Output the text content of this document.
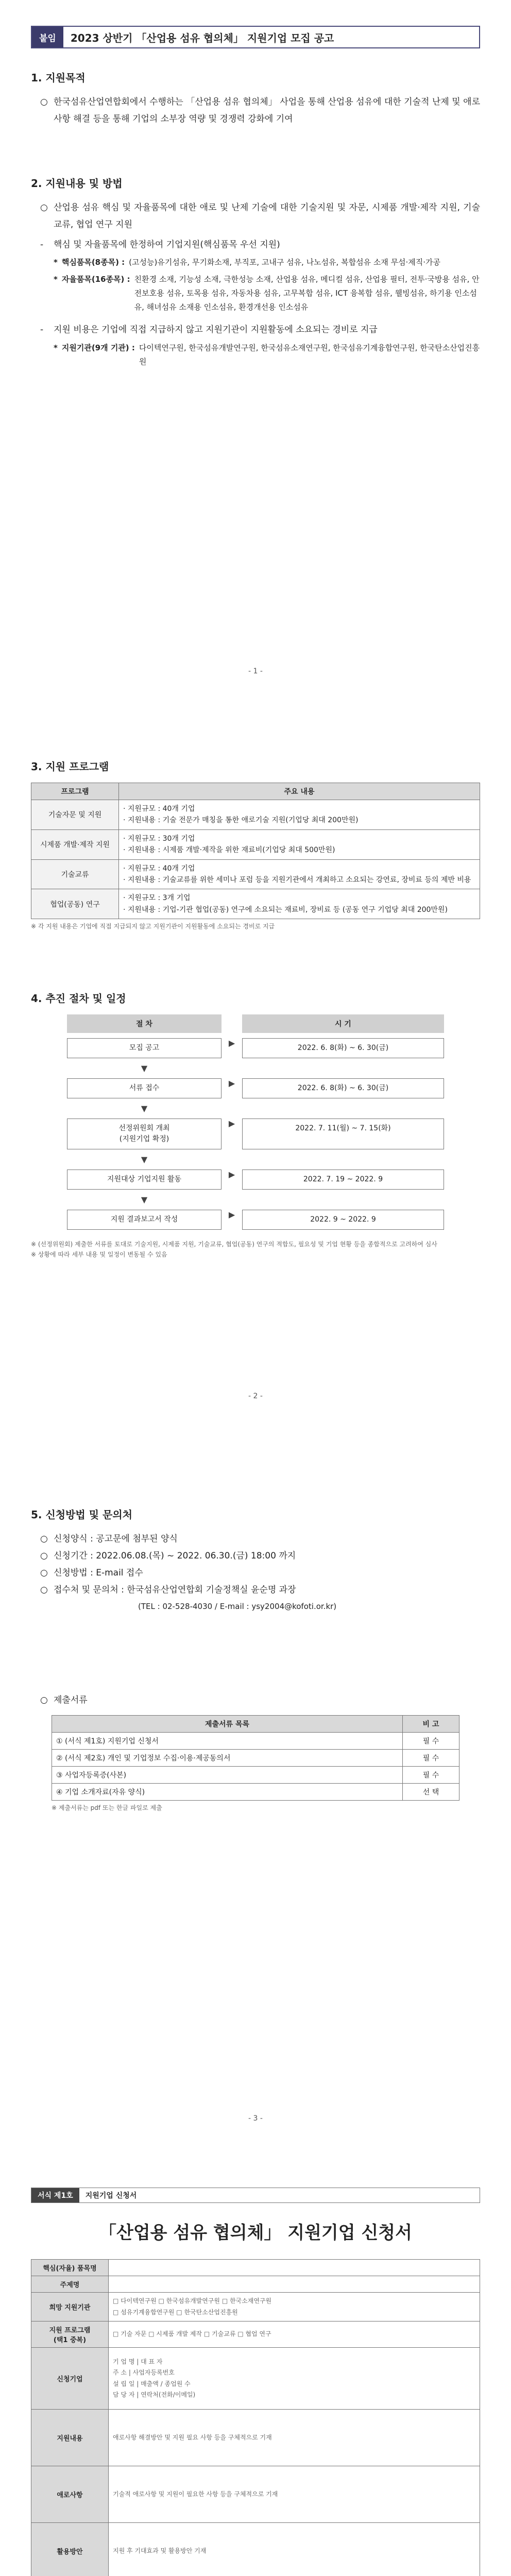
붙임	2023 상반기 「산업용 섬유 협의체」 지원기업 모집 공고
1. 지원목적
○ 한국섬유산업연합회에서 수행하는 「산업용 섬유 협의체」 사업을 통해 산업용 섬유에 대한 기술적 난제 및 애로사항 해결 등을 통해 기업의 소부장 역량 및 경쟁력 강화에 기여
2. 지원내용 및 방법
○ 산업용 섬유 핵심 및 자율품목에 대한 애로 및 난제 기술에 대한 기술지원 및 자문, 시제품 개발·제작 지원, 기술교류, 협업 연구 지원
-	핵심 및 자율품목에 한정하여 기업지원(핵심품목 우선 지원)
* 핵심품목(8종목) : (고성능)유기섬유, 무기화소재, 부직포, 고내구 섬유, 나노섬유, 복합섬유 소재 무섬·제직·가공
* 자율품목(16종목) : 친환경 소재, 기능성 소재, 극한성능 소재, 산업용 섬유, 메디컬 섬유, 산업용 필터, 전투·국방용 섬유, 안전보호용 섬유, 토목용 섬유, 자동차용 섬유, 고무복합 섬유, ICT 융복합 섬유, 웰빙섬유, 하기용 인소섬유, 해녀섬유 소재용 인소섬유, 환경개선용 인소섬유
-	지원 비용은 기업에 직접 지급하지 않고 지원기관이 지원활동에 소요되는 경비로 지급
* 지원기관(9개 기관) : 다이텍연구원, 한국섬유개발연구원, 한국섬유소재연구원, 한국섬유기계융합연구원, 한국탄소산업진흥원
- 1 -
3. 지원 프로그램
프로그램	주요 내용
기술자문 및 지원	· 지원규모 : 40개 기업
· 지원내용 : 기술 전문가 매칭을 통한 애로기술 지원(기업당 최대 200만원)
시제품 개발·제작 지원	· 지원규모 : 30개 기업
· 지원내용 : 시제품 개발·제작을 위한 재료비(기업당 최대 500만원)
기술교류	· 지원규모 : 40개 기업
· 지원내용 : 기술교류를 위한 세미나 포럼 등을 지원기관에서 개최하고 소요되는 강연료, 장비료 등의 제반 비용
협업(공동) 연구	· 지원규모 : 3개 기업
· 지원내용 : 기업-기관 협업(공동) 연구에 소요되는 재료비, 장비료 등 (공동 연구 기업당 최대 200만원)
※ 각 지원 내용은 기업에 직접 지급되지 않고 지원기관이 지원활동에 소요되는 경비로 지급
4. 추진 절차 및 일정
절 차	시 기
모집 공고	▶	2022. 6. 8(화) ~ 6. 30(금)
▼
서류 접수	▶	2022. 6. 8(화) ~ 6. 30(금)
▼
선정위원회 개최
(지원기업 확정)
▶	2022. 7. 11(월) ~ 7. 15(화)
▼
지원대상 기업지원 활동	▶	2022. 7. 19 ~ 2022. 9
▼
지원 결과보고서 작성	▶	2022. 9 ~ 2022. 9
※ (선정위원회) 제출한 서류를 토대로 기술지원, 시제품 지원, 기술교류, 협업(공동) 연구의 적합도, 필요성 및 기업 현황 등을 종합적으로 고려하여 심사
※ 상황에 따라 세부 내용 및 일정이 변동될 수 있음
- 2 -
5. 신청방법 및 문의처
○ 신청양식 : 공고문에 첨부된 양식
○ 신청기간 : 2022.06.08.(목) ~ 2022. 06.30.(금) 18:00 까지
○ 신청방법 : E-mail 접수
○ 접수처 및 문의처 : 한국섬유산업연합회 기술정책실 윤순명 과장
(TEL : 02-528-4030 / E-mail : ysy2004@kofoti.or.kr)
○ 제출서류
제출서류 목록	비 고
① (서식 제1호) 지원기업 신청서	필 수
② (서식 제2호) 개인 및 기업정보 수집·이용·제공동의서	필 수
③ 사업자등록증(사본)	필 수
④ 기업 소개자료(자유 양식)	선 택
※ 제출서류는 pdf 또는 한글 파일로 제출
- 3 -
서식 제1호	지원기업 신청서
「산업용 섬유 협의체」 지원기업 신청서
핵심(자율) 품목명	
주제명	
희망 지원기관	□ 다이텍연구원 □ 한국섬유개발연구원 □ 한국소재연구원
□ 섬유기계융합연구원 □ 한국탄소산업진흥원
지원 프로그램
(택1 중복)	□ 기술 자문 □ 시제품 개발 제작 □ 기술교류 □ 협업 연구
신청기업	기 업 명 | 대 표 자
주 소 | 사업자등록번호
설 립 일 | 매출액 / 종업원 수
담 당 자 | 연락처(전화/이메일)
지원내용	애로사항 해결방안 및 지원 필요 사항 등을 구체적으로 기재
애로사항	기술적 애로사항 및 지원이 필요한 사항 등을 구체적으로 기재
활용방안	지원 후 기대효과 및 활용방안 기재
